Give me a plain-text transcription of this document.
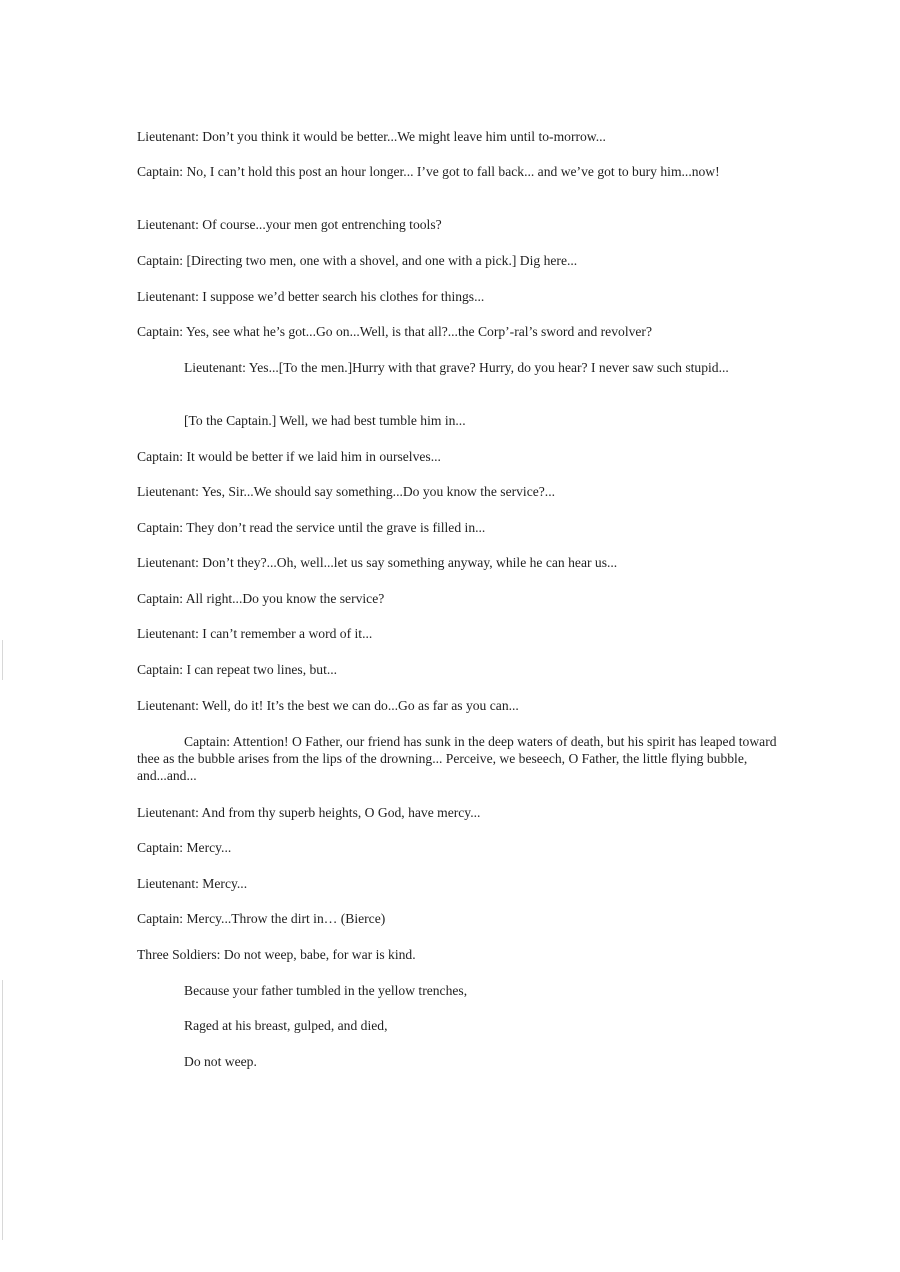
Lieutenant: Don’t you think it would be better...We might leave him until to-morrow...

Captain: No, I can’t hold this post an hour longer... I’ve got to fall back... and we’ve got to bury him...now!

Lieutenant: Of course...your men got entrenching tools?

Captain: [Directing two men, one with a shovel, and one with a pick.] Dig here...

Lieutenant: I suppose we’d better search his clothes for things...

Captain: Yes, see what he’s got...Go on...Well, is that all?...the Corp’-ral’s sword and revolver?

Lieutenant: Yes...[To the men.]Hurry with that grave? Hurry, do you hear? I never saw such stupid...

[To the Captain.] Well, we had best tumble him in...

Captain: It would be better if we laid him in ourselves...

Lieutenant: Yes, Sir...We should say something...Do you know the service?...

Captain: They don’t read the service until the grave is filled in...

Lieutenant: Don’t they?...Oh, well...let us say something anyway, while he can hear us...

Captain: All right...Do you know the service?

Lieutenant: I can’t remember a word of it...

Captain: I can repeat two lines, but...

Lieutenant: Well, do it! It’s the best we can do...Go as far as you can...

Captain: Attention! O Father, our friend has sunk in the deep waters of death, but his spirit has leaped toward thee as the bubble arises from the lips of the drowning... Perceive, we beseech, O Father, the little flying bubble, and...and...

Lieutenant: And from thy superb heights, O God, have mercy...

Captain: Mercy...

Lieutenant: Mercy...

Captain: Mercy...Throw the dirt in… (Bierce)

Three Soldiers: Do not weep, babe, for war is kind.

Because your father tumbled in the yellow trenches,

Raged at his breast, gulped, and died,

Do not weep.
